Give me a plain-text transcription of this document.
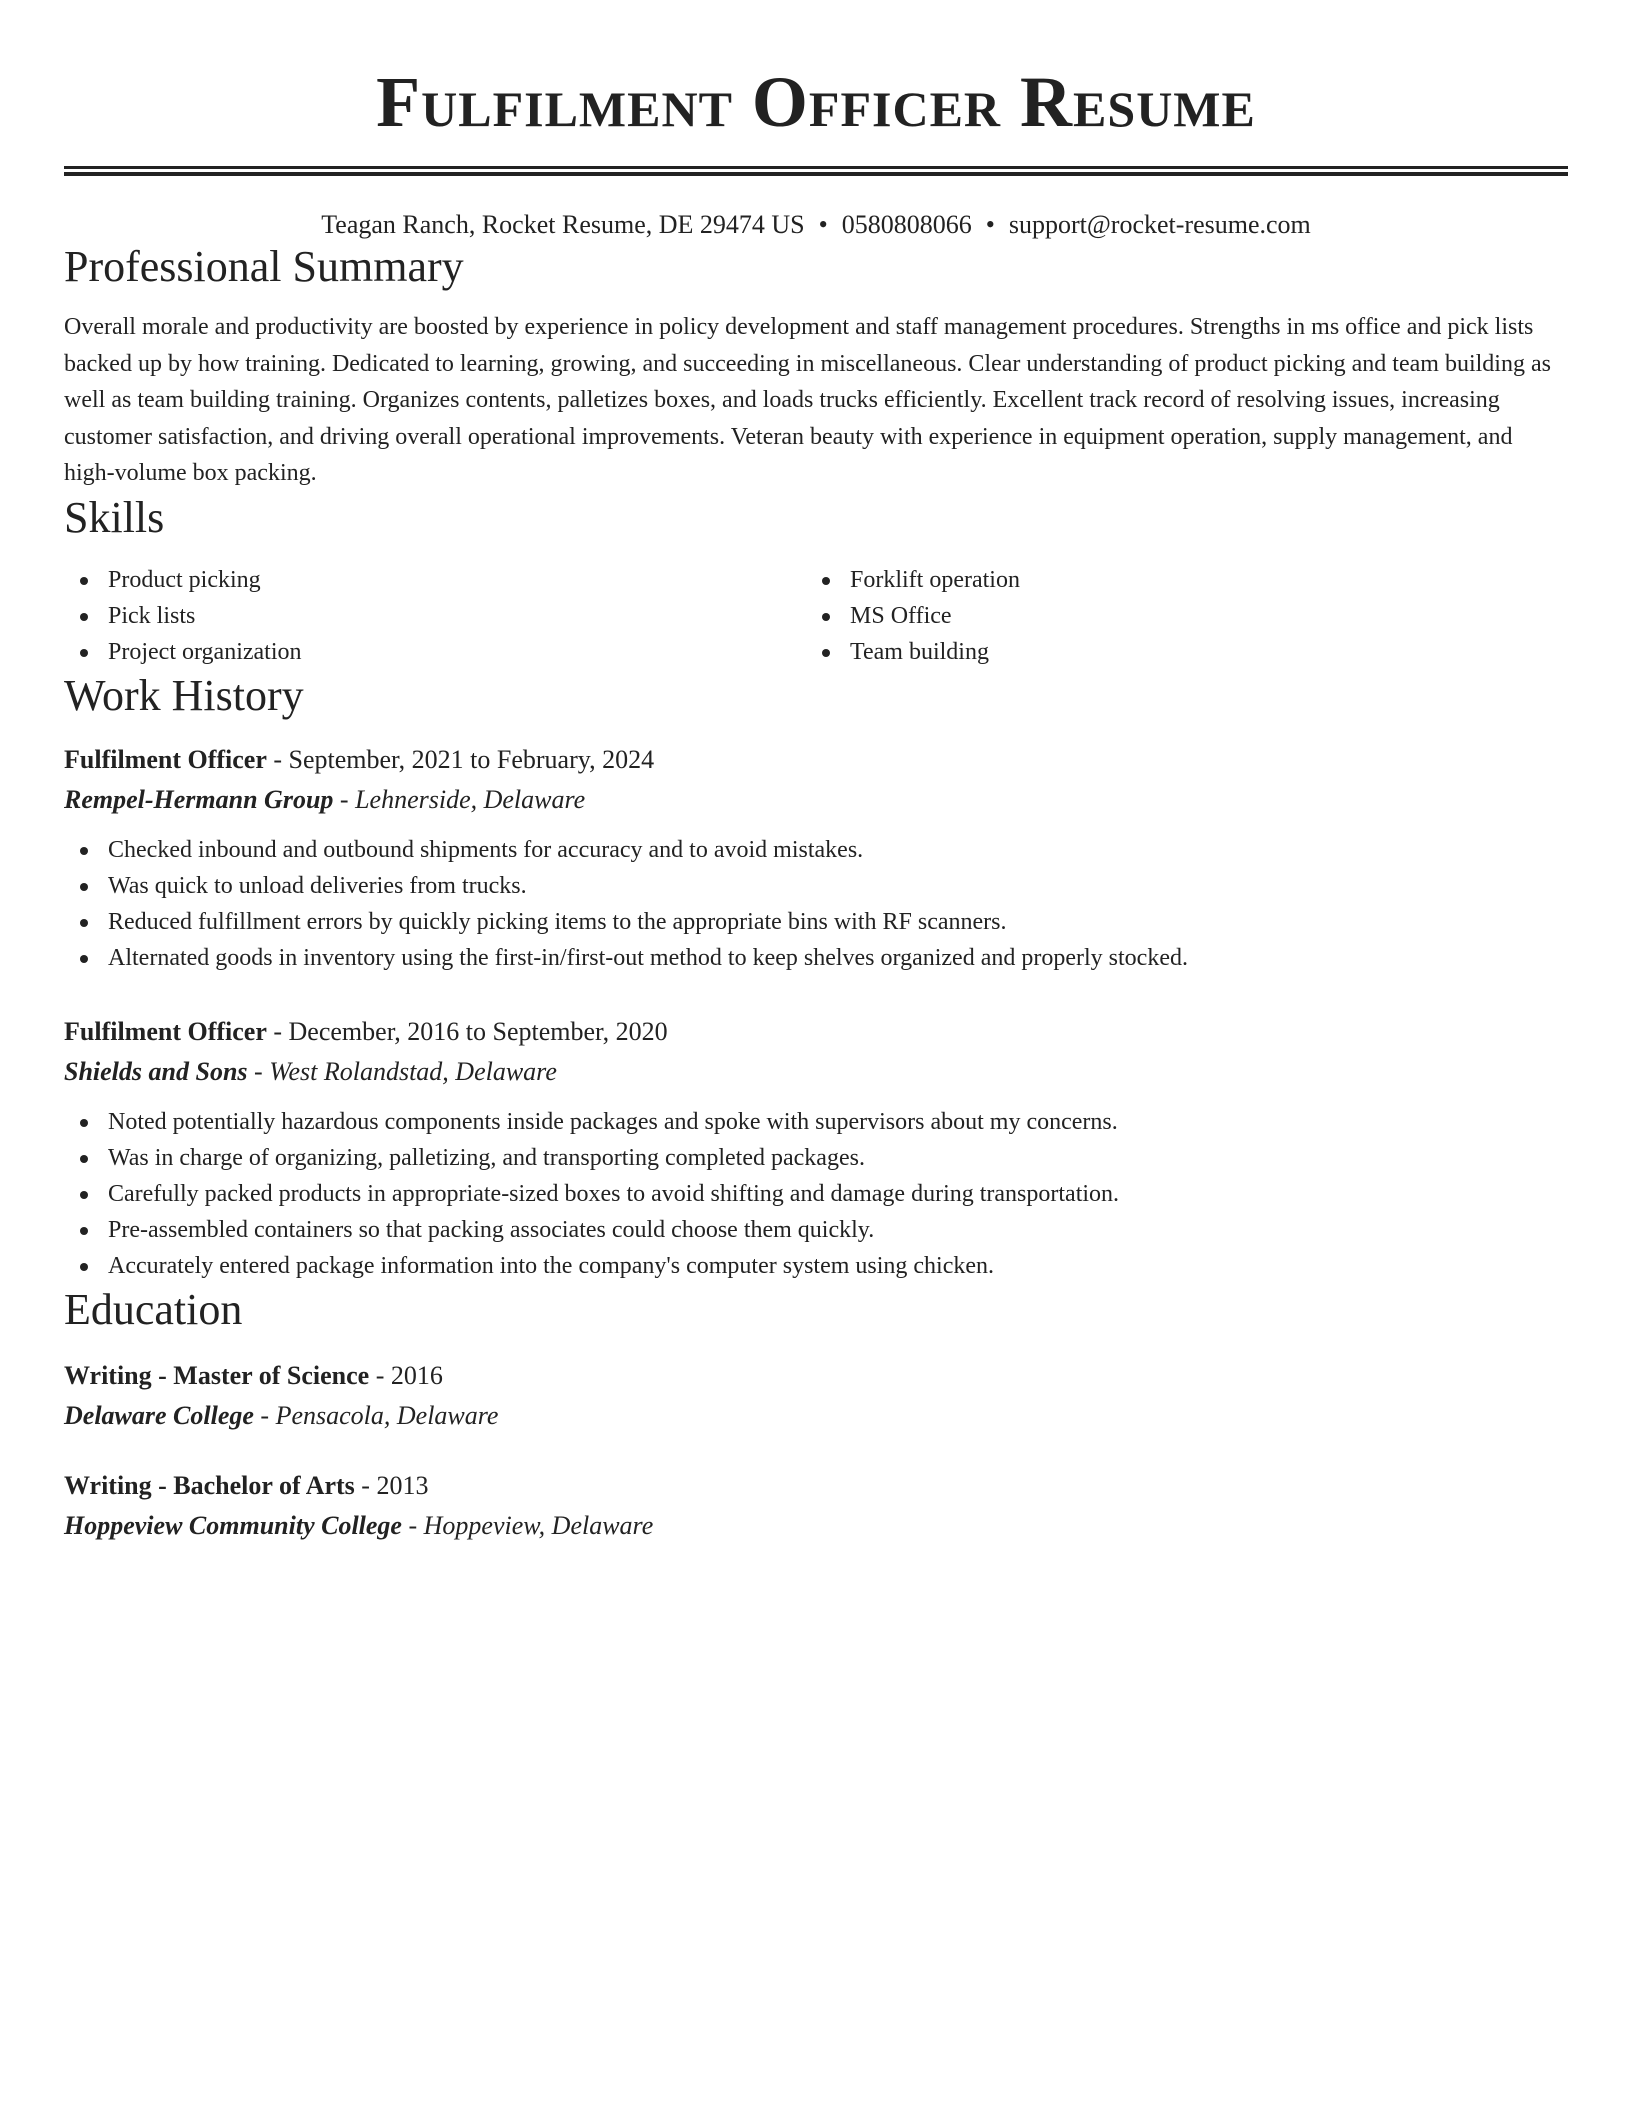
Fulfilment Officer Resume
Teagan Ranch, Rocket Resume, DE 29474 US • 0580808066 • support@rocket-resume.com
Professional Summary

Overall morale and productivity are boosted by experience in policy development and staff management procedures. Strengths in ms office and pick lists backed up by how training. Dedicated to learning, growing, and succeeding in miscellaneous. Clear understanding of product picking and team building as well as team building training. Organizes contents, palletizes boxes, and loads trucks efficiently. Excellent track record of resolving issues, increasing customer satisfaction, and driving overall operational improvements. Veteran beauty with experience in equipment operation, supply management, and high-volume box packing.

Skills
Product picking
Pick lists
Project organization
Forklift operation
MS Office
Team building
Work History
Fulfilment Officer - September, 2021 to February, 2024
Rempel-Hermann Group - Lehnerside, Delaware
Checked inbound and outbound shipments for accuracy and to avoid mistakes.
Was quick to unload deliveries from trucks.
Reduced fulfillment errors by quickly picking items to the appropriate bins with RF scanners.
Alternated goods in inventory using the first-in/first-out method to keep shelves organized and properly stocked.
Fulfilment Officer - December, 2016 to September, 2020
Shields and Sons - West Rolandstad, Delaware
Noted potentially hazardous components inside packages and spoke with supervisors about my concerns.
Was in charge of organizing, palletizing, and transporting completed packages.
Carefully packed products in appropriate-sized boxes to avoid shifting and damage during transportation.
Pre-assembled containers so that packing associates could choose them quickly.
Accurately entered package information into the company's computer system using chicken.
Education
Writing - Master of Science - 2016
Delaware College - Pensacola, Delaware
Writing - Bachelor of Arts - 2013
Hoppeview Community College - Hoppeview, Delaware
